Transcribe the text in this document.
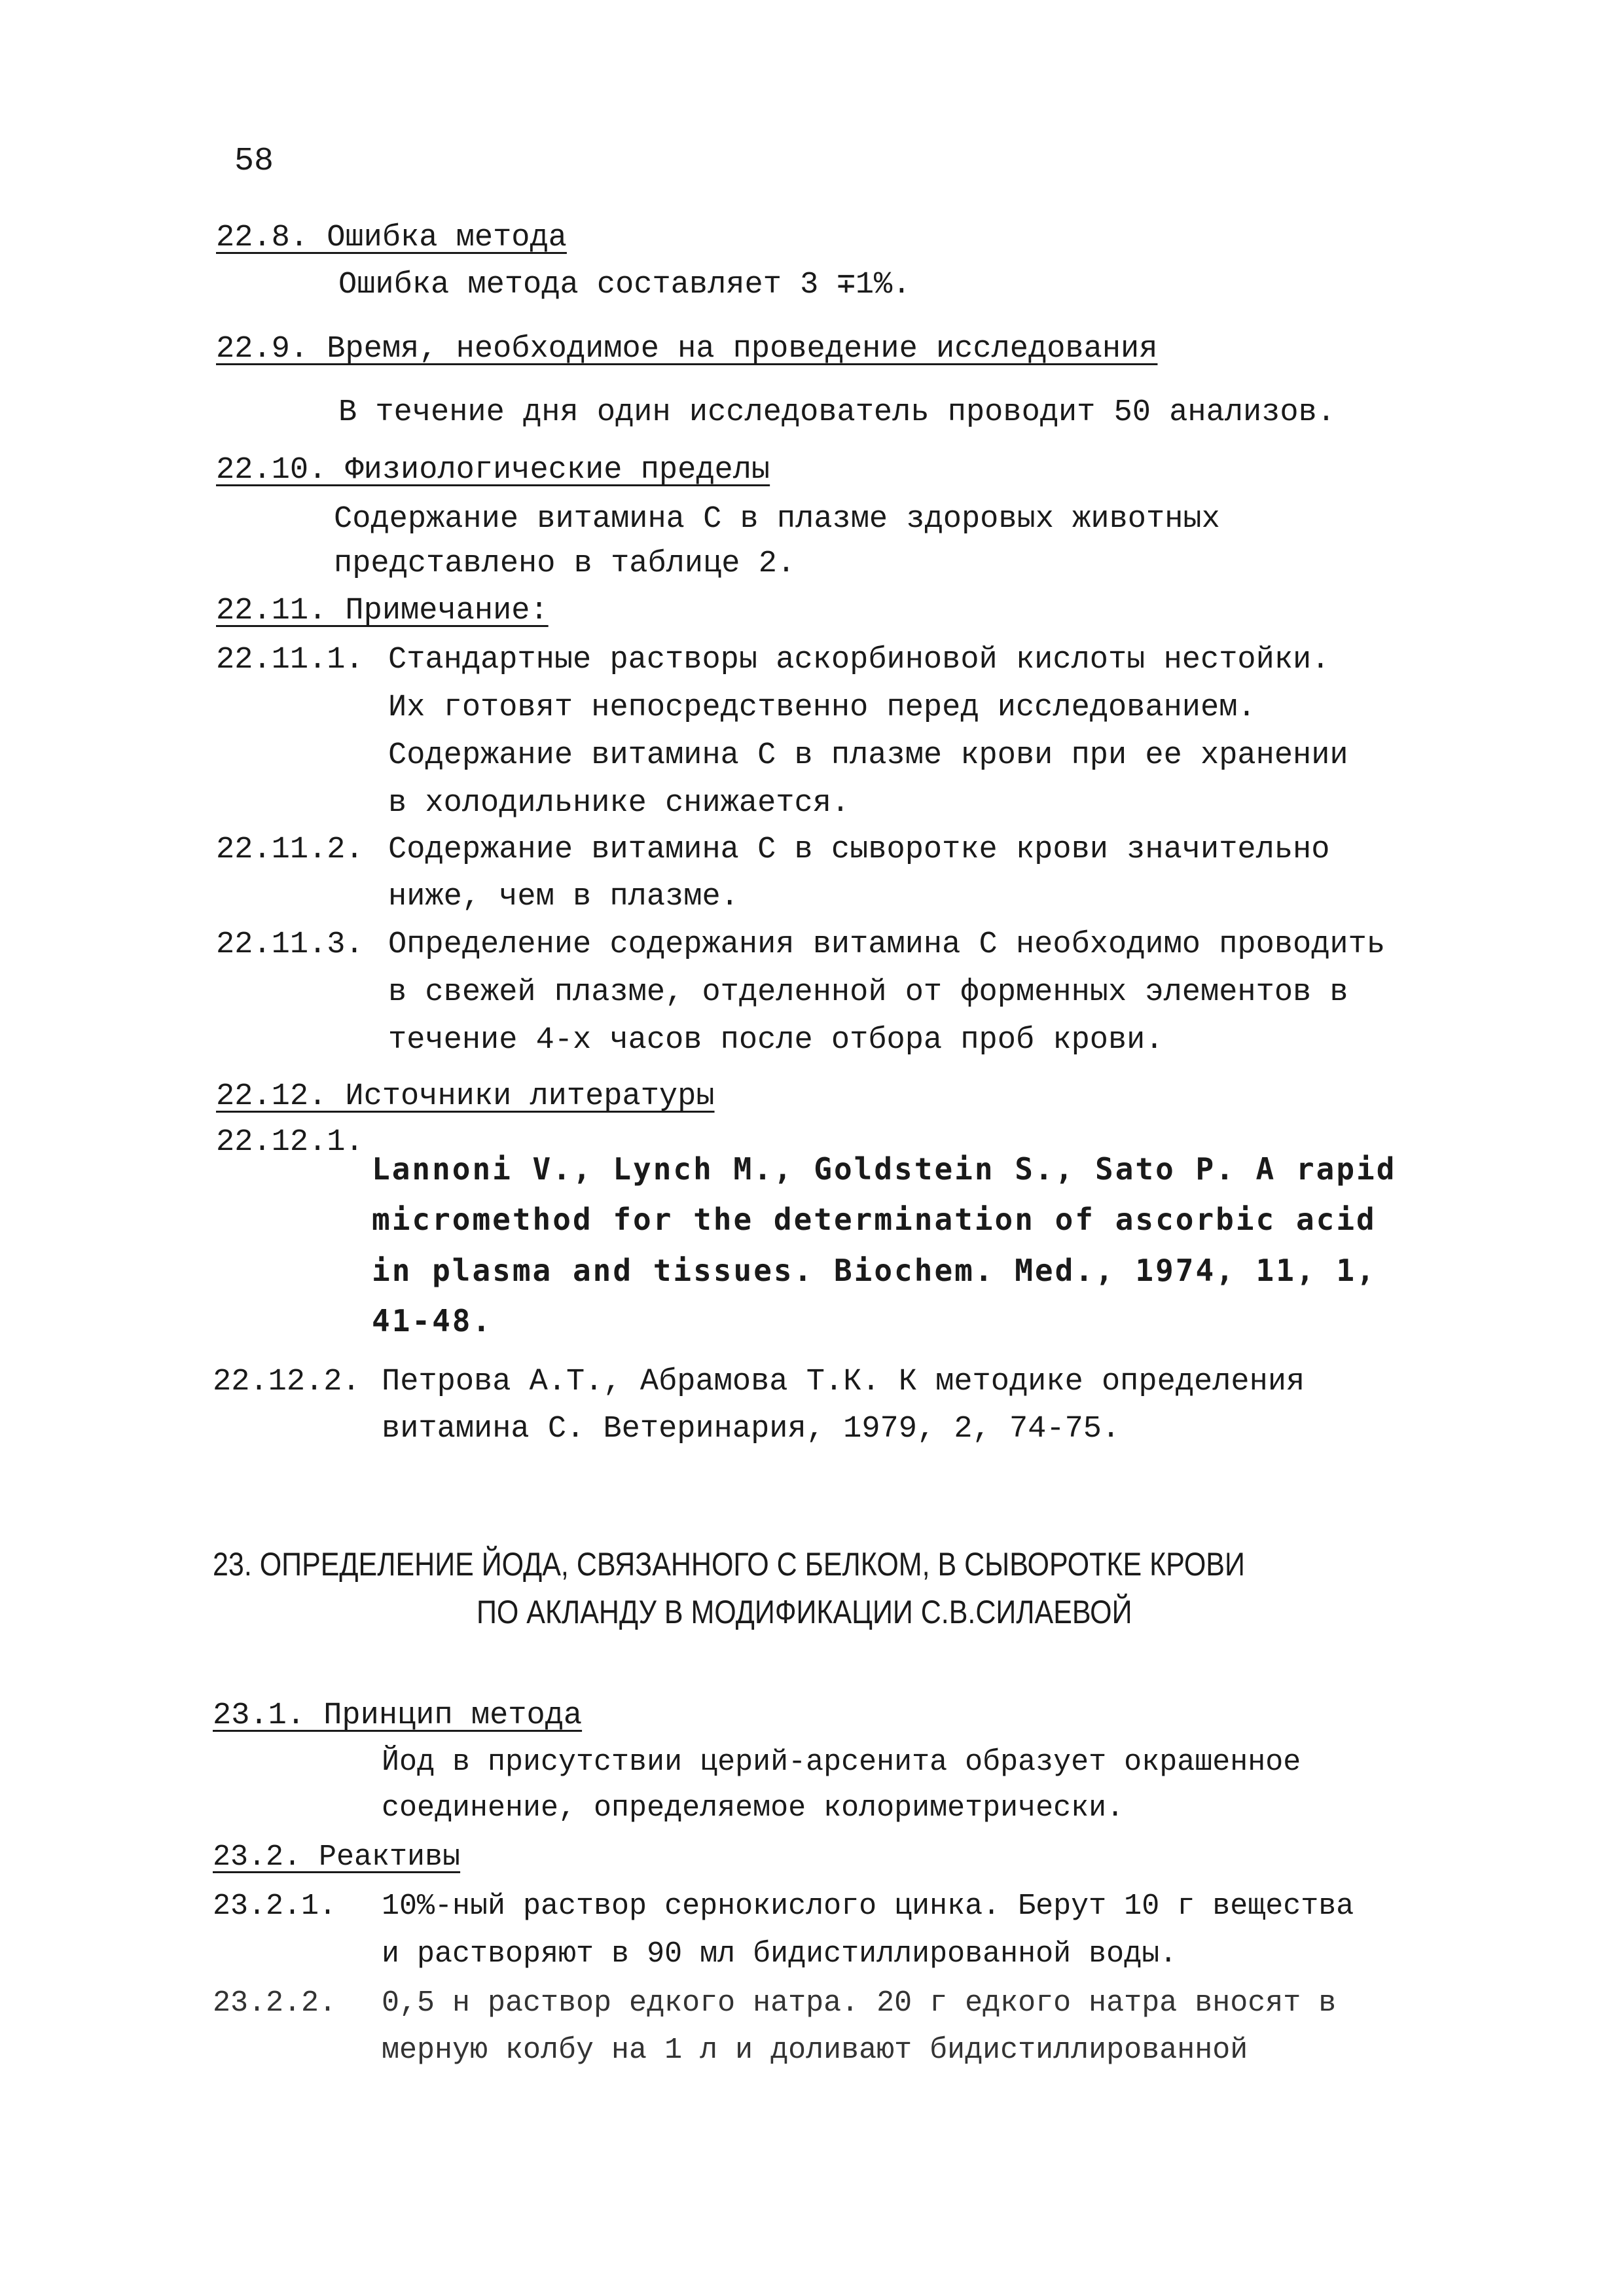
58
22.8. Ошибка метода
Ошибка метода составляет 3 ∓1%.
22.9. Время, необходимое на проведение исследования
В течение дня один исследователь проводит 50 анализов.
22.10. Физиологические пределы
Содержание витамина С в плазме здоровых животных
представлено в таблице 2.
22.11. Примечание:
22.11.1. Стандартные растворы аскорбиновой кислоты нестойки.
Их готовят непосредственно перед исследованием.
Содержание витамина С в плазме крови при ее хранении
в холодильнике снижается.
22.11.2. Содержание витамина С в сыворотке крови значительно
ниже, чем в плазме.
22.11.3. Определение содержания витамина С необходимо проводить
в свежей плазме, отделенной от форменных элементов в
течение 4-х часов после отбора проб крови.
22.12. Источники литературы
22.12.1.
Lannoni V., Lynch M., Goldstein S., Sato P. A rapid
micromethod for the determination of ascorbic acid
in plasma and tissues. Biochem. Med., 1974, 11, 1,
41-48.
22.12.2. Петрова А.Т., Абрамова Т.К. К методике определения
витамина С. Ветеринария, 1979, 2, 74-75.
23. ОПРЕДЕЛЕНИЕ ЙОДА, СВЯЗАННОГО С БЕЛКОМ, В СЫВОРОТКЕ КРОВИ
ПО АКЛАНДУ В МОДИФИКАЦИИ С.В.СИЛАЕВОЙ
23.1. Принцип метода
Йод в присутствии церий-арсенита образует окрашенное
соединение, определяемое колориметрически.
23.2. Реактивы
23.2.1. 10%-ный раствор сернокислого цинка. Берут 10 г вещества
и растворяют в 90 мл бидистиллированной воды.
23.2.2. 0,5 н раствор едкого натра. 20 г едкого натра вносят в
мерную колбу на 1 л и доливают бидистиллированной
